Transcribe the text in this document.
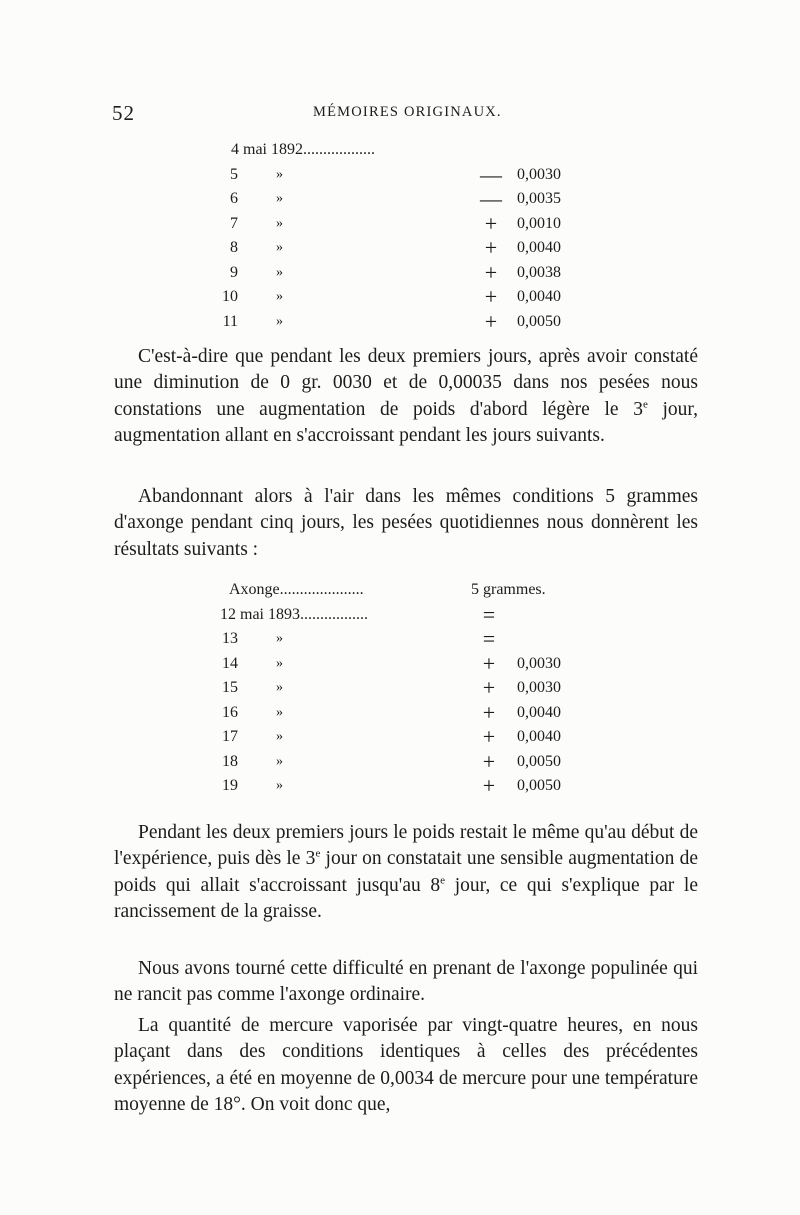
52	MÉMOIRES ORIGINAUX.
4 mai 1892..................
5	»	— 0,0030
6	»	— 0,0035
7	»	+ 0,0010
8	»	+ 0,0040
9	»	+ 0,0038
10	»	+ 0,0040
11	»	+ 0,0050

C'est-à-dire que pendant les deux premiers jours, après avoir constaté une diminution de 0 gr. 0030 et de 0,00035 dans nos pesées nous constations une augmentation de poids d'abord légère le 3e jour, augmentation allant en s'accroissant pendant les jours suivants.

Abandonnant alors à l'air dans les mêmes conditions 5 grammes d'axonge pendant cinq jours, les pesées quotidiennes nous donnèrent les résultats suivants :

Axonge.....................	5 grammes.
12 mai 1893.................	=
13	»	=
14	»	+ 0,0030
15	»	+ 0,0030
16	»	+ 0,0040
17	»	+ 0,0040
18	»	+ 0,0050
19	»	+ 0,0050

Pendant les deux premiers jours le poids restait le même qu'au début de l'expérience, puis dès le 3e jour on constatait une sensible augmentation de poids qui allait s'accroissant jusqu'au 8e jour, ce qui s'explique par le rancissement de la graisse.

Nous avons tourné cette difficulté en prenant de l'axonge populinée qui ne rancit pas comme l'axonge ordinaire.

La quantité de mercure vaporisée par vingt-quatre heures, en nous plaçant dans des conditions identiques à celles des précédentes expériences, a été en moyenne de 0,0034 de mercure pour une température moyenne de 18°. On voit donc que,
